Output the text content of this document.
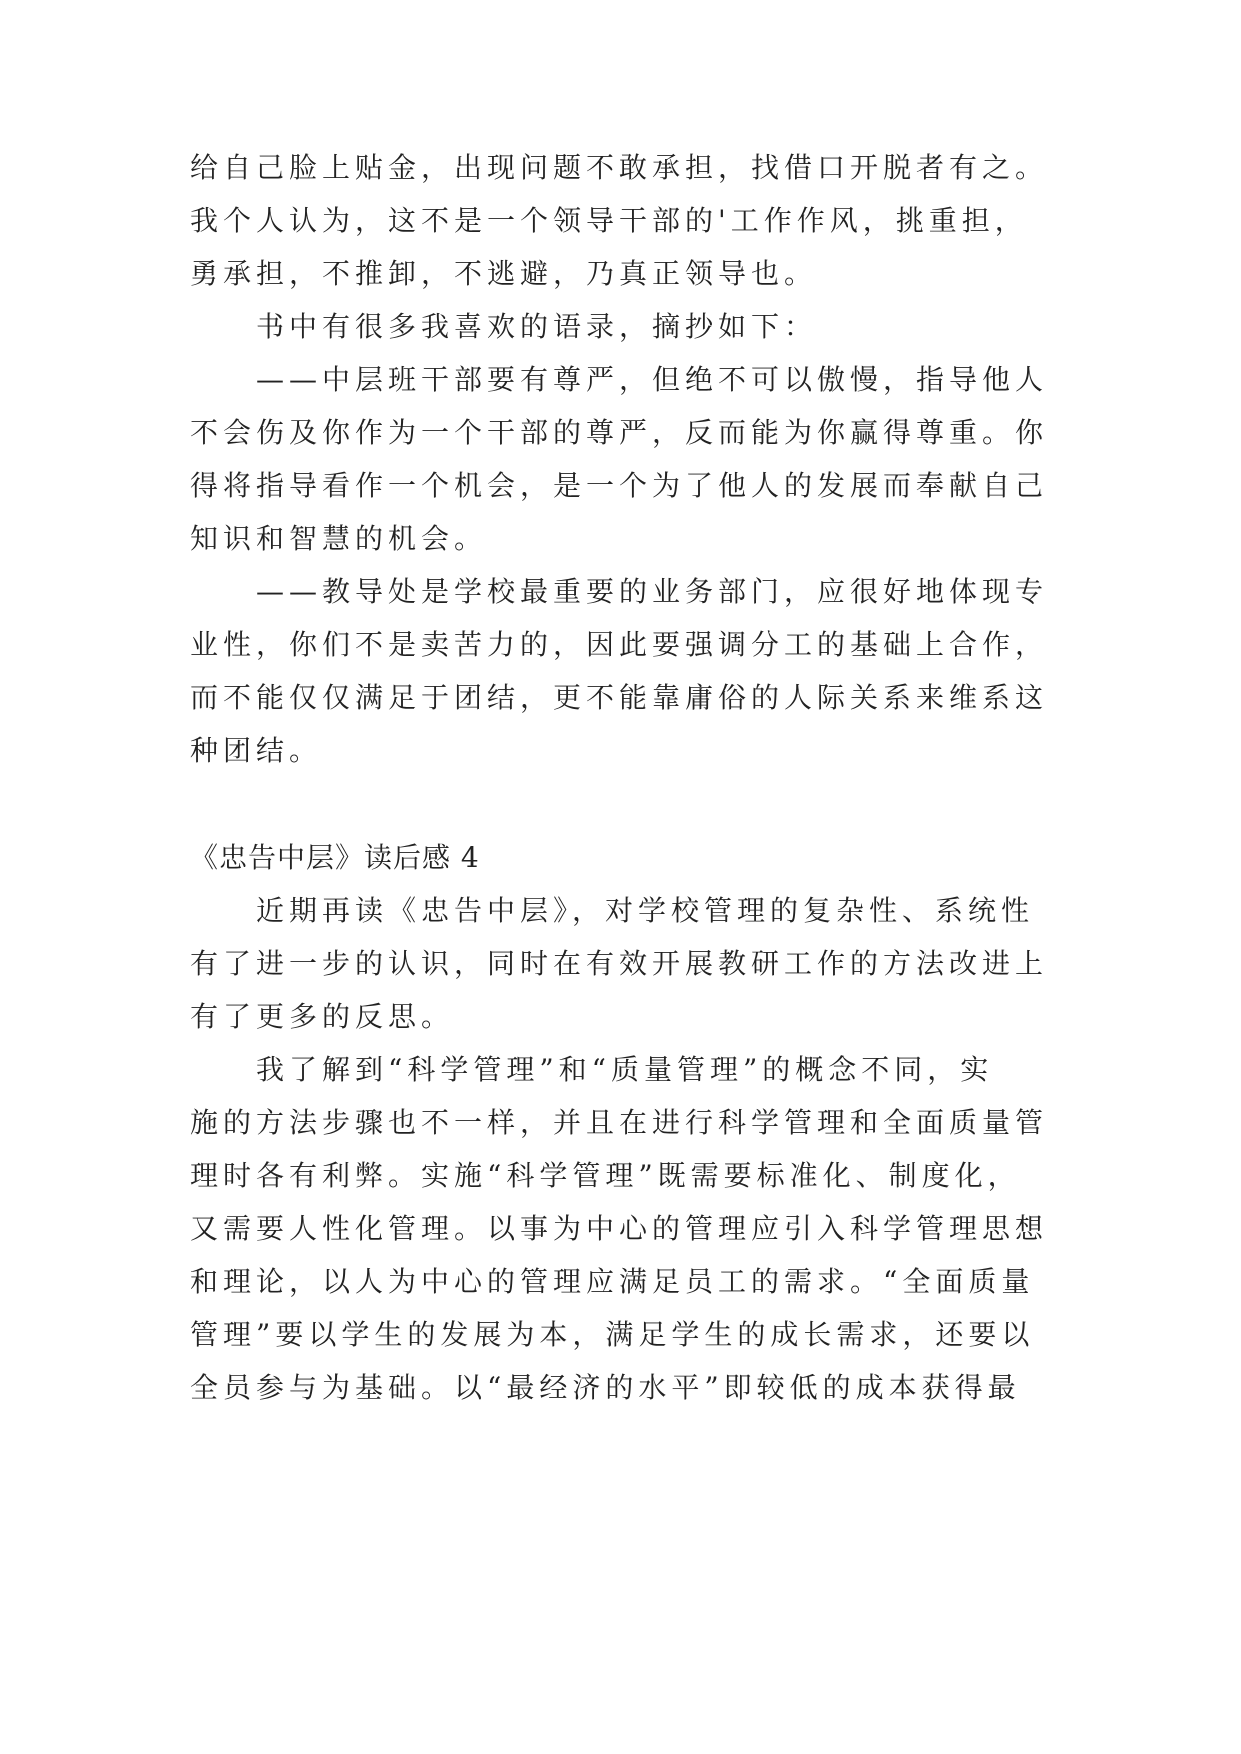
给自己脸上贴金，出现问题不敢承担，找借口开脱者有之。
我个人认为，这不是一个领导干部的'工作作风，挑重担，
勇承担，不推卸，不逃避，乃真正领导也。
书中有很多我喜欢的语录，摘抄如下：
——中层班干部要有尊严，但绝不可以傲慢，指导他人
不会伤及你作为一个干部的尊严，反而能为你赢得尊重。你
得将指导看作一个机会，是一个为了他人的发展而奉献自己
知识和智慧的机会。
——教导处是学校最重要的业务部门，应很好地体现专
业性，你们不是卖苦力的，因此要强调分工的基础上合作，
而不能仅仅满足于团结，更不能靠庸俗的人际关系来维系这
种团结。
《忠告中层》读后感 4
近期再读《忠告中层》，对学校管理的复杂性、系统性
有了进一步的认识，同时在有效开展教研工作的方法改进上
有了更多的反思。
我了解到“科学管理”和“质量管理”的概念不同，实
施的方法步骤也不一样，并且在进行科学管理和全面质量管
理时各有利弊。实施“科学管理”既需要标准化、制度化，
又需要人性化管理。以事为中心的管理应引入科学管理思想
和理论，以人为中心的管理应满足员工的需求。“全面质量
管理”要以学生的发展为本，满足学生的成长需求，还要以
全员参与为基础。以“最经济的水平”即较低的成本获得最
